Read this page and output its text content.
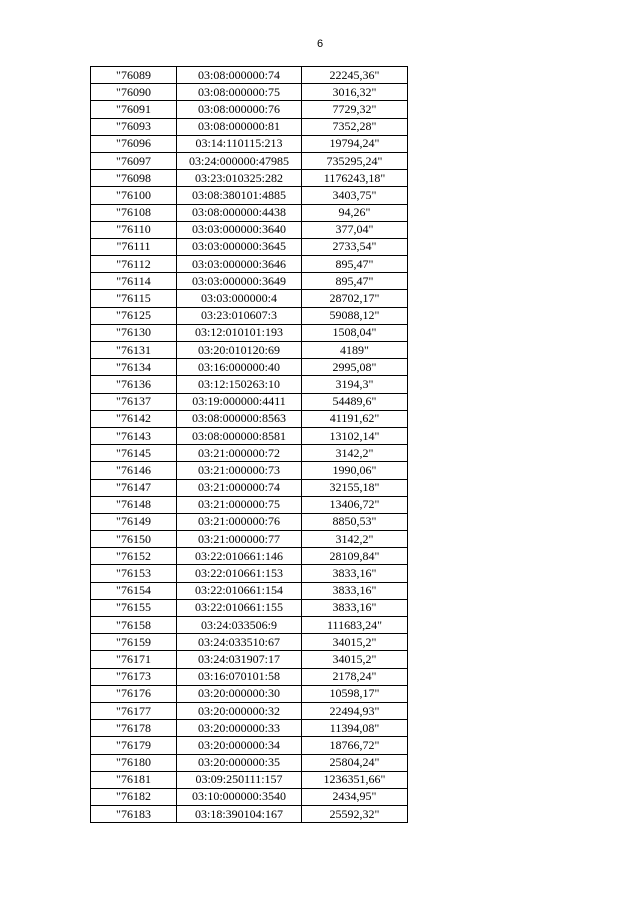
6
"76089	03:08:000000:74	22245,36"
"76090	03:08:000000:75	3016,32"
"76091	03:08:000000:76	7729,32"
"76093	03:08:000000:81	7352,28"
"76096	03:14:110115:213	19794,24"
"76097	03:24:000000:47985	735295,24"
"76098	03:23:010325:282	1176243,18"
"76100	03:08:380101:4885	3403,75"
"76108	03:08:000000:4438	94,26"
"76110	03:03:000000:3640	377,04"
"76111	03:03:000000:3645	2733,54"
"76112	03:03:000000:3646	895,47"
"76114	03:03:000000:3649	895,47"
"76115	03:03:000000:4	28702,17"
"76125	03:23:010607:3	59088,12"
"76130	03:12:010101:193	1508,04"
"76131	03:20:010120:69	4189"
"76134	03:16:000000:40	2995,08"
"76136	03:12:150263:10	3194,3"
"76137	03:19:000000:4411	54489,6"
"76142	03:08:000000:8563	41191,62"
"76143	03:08:000000:8581	13102,14"
"76145	03:21:000000:72	3142,2"
"76146	03:21:000000:73	1990,06"
"76147	03:21:000000:74	32155,18"
"76148	03:21:000000:75	13406,72"
"76149	03:21:000000:76	8850,53"
"76150	03:21:000000:77	3142,2"
"76152	03:22:010661:146	28109,84"
"76153	03:22:010661:153	3833,16"
"76154	03:22:010661:154	3833,16"
"76155	03:22:010661:155	3833,16"
"76158	03:24:033506:9	111683,24"
"76159	03:24:033510:67	34015,2"
"76171	03:24:031907:17	34015,2"
"76173	03:16:070101:58	2178,24"
"76176	03:20:000000:30	10598,17"
"76177	03:20:000000:32	22494,93"
"76178	03:20:000000:33	11394,08"
"76179	03:20:000000:34	18766,72"
"76180	03:20:000000:35	25804,24"
"76181	03:09:250111:157	1236351,66"
"76182	03:10:000000:3540	2434,95"
"76183	03:18:390104:167	25592,32"
